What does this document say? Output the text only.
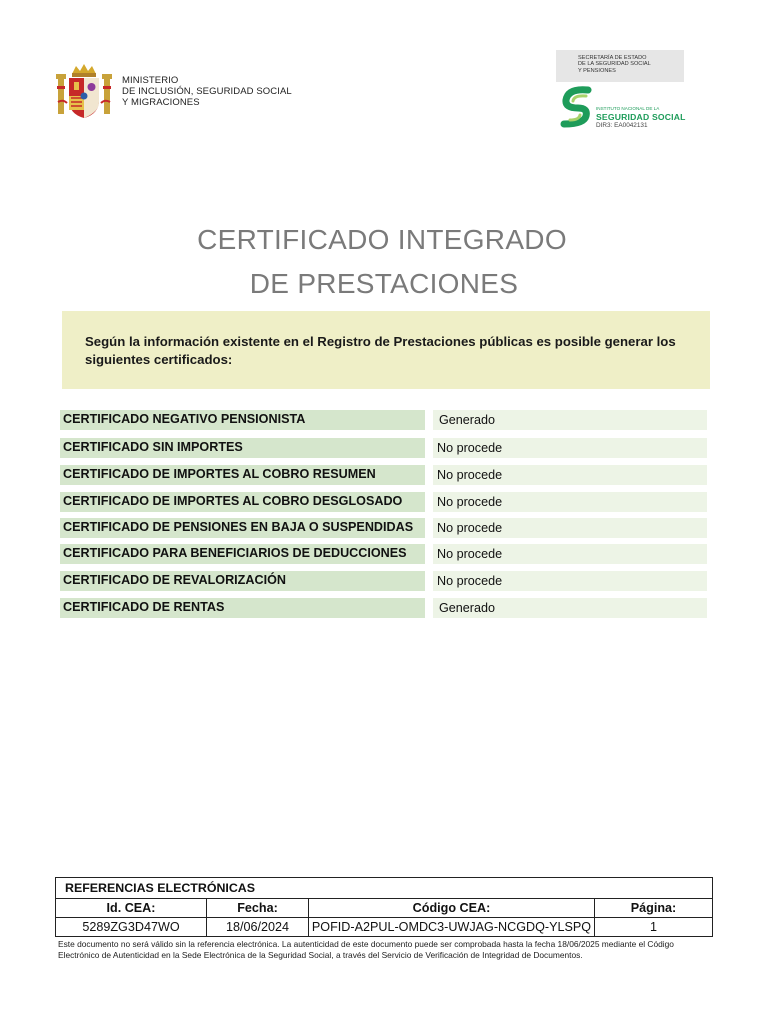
MINISTERIO
DE INCLUSIÓN, SEGURIDAD SOCIAL
Y MIGRACIONES
SECRETARÍA DE ESTADO
DE LA SEGURIDAD SOCIAL
Y PENSIONES
INSTITUTO NACIONAL DE LA
SEGURIDAD SOCIAL
DIR3: EA0042131
CERTIFICADO INTEGRADO
DE PRESTACIONES
Según la información existente en el Registro de Prestaciones públicas es posible generar los siguientes certificados:
CERTIFICADO NEGATIVO PENSIONISTA	Generado
CERTIFICADO SIN IMPORTES	No procede
CERTIFICADO DE IMPORTES AL COBRO RESUMEN	No procede
CERTIFICADO DE IMPORTES AL COBRO DESGLOSADO	No procede
CERTIFICADO DE PENSIONES EN BAJA O SUSPENDIDAS	No procede
CERTIFICADO PARA BENEFICIARIOS DE DEDUCCIONES	No procede
CERTIFICADO DE REVALORIZACIÓN	No procede
CERTIFICADO DE RENTAS	Generado
REFERENCIAS ELECTRÓNICAS			
Id. CEA:	Fecha:	Código CEA:	Página:
5289ZG3D47WO	18/06/2024	POFID-A2PUL-OMDC3-UWJAG-NCGDQ-YLSPQ	1
Este documento no será válido sin la referencia electrónica. La autenticidad de este documento puede ser comprobada hasta la fecha 18/06/2025 mediante el Código Electrónico de Autenticidad en la Sede Electrónica de la Seguridad Social, a través del Servicio de Verificación de Integridad de Documentos.
